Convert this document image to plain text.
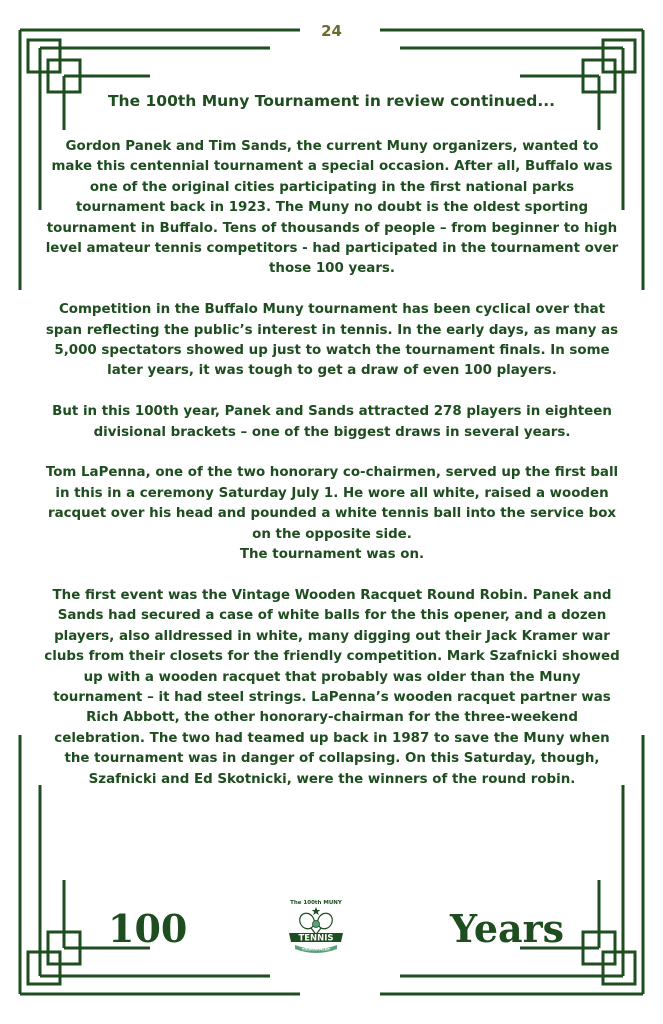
24
The 100th Muny Tournament in review continued...

Gordon Panek and Tim Sands, the current Muny organizers, wanted to make this centennial tournament a special occasion. After all, Buffalo was one of the original cities participating in the first national parks tournament back in 1923. The Muny no doubt is the oldest sporting tournament in Buffalo. Tens of thousands of people – from beginner to high level amateur tennis competitors - had participated in the tournament over those 100 years.

Competition in the Buffalo Muny tournament has been cyclical over that span reflecting the public’s interest in tennis. In the early days, as many as 5,000 spectators showed up just to watch the tournament finals. In some later years, it was tough to get a draw of even 100 players.

But in this 100th year, Panek and Sands attracted 278 players in eighteen divisional brackets – one of the biggest draws in several years.

Tom LaPenna, one of the two honorary co-chairmen, served up the first ball in this in a ceremony Saturday July 1. He wore all white, raised a wooden racquet over his head and pounded a white tennis ball into the service box on the opposite side.

The tournament was on.

The first event was the Vintage Wooden Racquet Round Robin. Panek and Sands had secured a case of white balls for the this opener, and a dozen players, also alldressed in white, many digging out their Jack Kramer war clubs from their closets for the friendly competition. Mark Szafnicki showed up with a wooden racquet that probably was older than the Muny tournament – it had steel strings. LaPenna’s wooden racquet partner was Rich Abbott, the other honorary-chairman for the three-weekend celebration. The two had teamed up back in 1987 to save the Muny when the tournament was in danger of collapsing. On this Saturday, though, Szafnicki and Ed Skotnicki, were the winners of the round robin.

100
The 100th MUNY
TENNIS
TOURNAMENT	Years
